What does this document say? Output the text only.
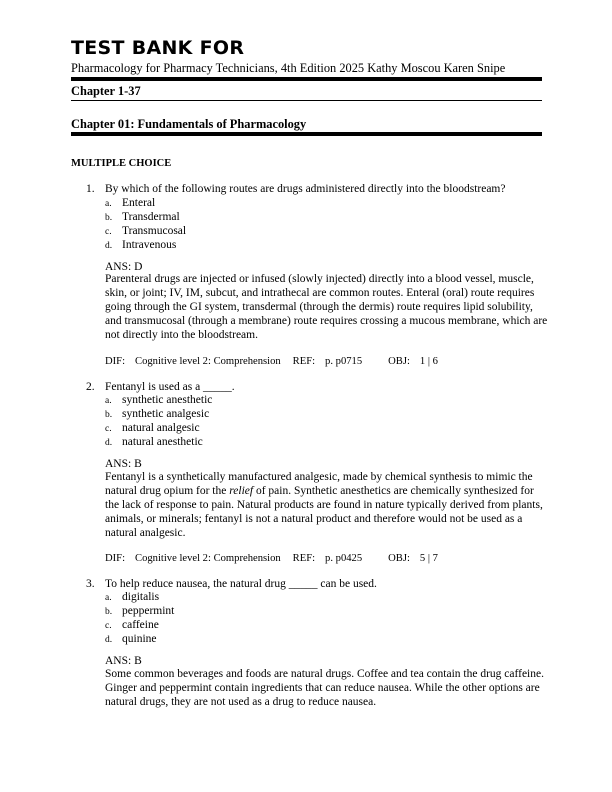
TEST BANK FOR
Pharmacology for Pharmacy Technicians, 4th Edition 2025 Kathy Moscou Karen Snipe
Chapter 1-37
Chapter 01: Fundamentals of Pharmacology
MULTIPLE CHOICE
1. By which of the following routes are drugs administered directly into the bloodstream?
a. Enteral
b. Transdermal
c. Transmucosal
d. Intravenous
ANS: D
Parenteral drugs are injected or infused (slowly injected) directly into a blood vessel, muscle, skin, or joint; IV, IM, subcut, and intrathecal are common routes. Enteral (oral) route requires going through the GI system, transdermal (through the dermis) route requires lipid solubility, and transmucosal (through a membrane) route requires crossing a mucous membrane, which are not directly into the bloodstream.
DIF: Cognitive level 2: Comprehension REF: p. p0715 OBJ: 1 | 6
2. Fentanyl is used as a _____.
a. synthetic anesthetic
b. synthetic analgesic
c. natural analgesic
d. natural anesthetic
ANS: B
Fentanyl is a synthetically manufactured analgesic, made by chemical synthesis to mimic the natural drug opium for the relief of pain. Synthetic anesthetics are chemically synthesized for the lack of response to pain. Natural products are found in nature typically derived from plants, animals, or minerals; fentanyl is not a natural product and therefore would not be used as a natural analgesic.
DIF: Cognitive level 2: Comprehension REF: p. p0425 OBJ: 5 | 7
3. To help reduce nausea, the natural drug _____ can be used.
a. digitalis
b. peppermint
c. caffeine
d. quinine
ANS: B
Some common beverages and foods are natural drugs. Coffee and tea contain the drug caffeine. Ginger and peppermint contain ingredients that can reduce nausea. While the other options are natural drugs, they are not used as a drug to reduce nausea.
